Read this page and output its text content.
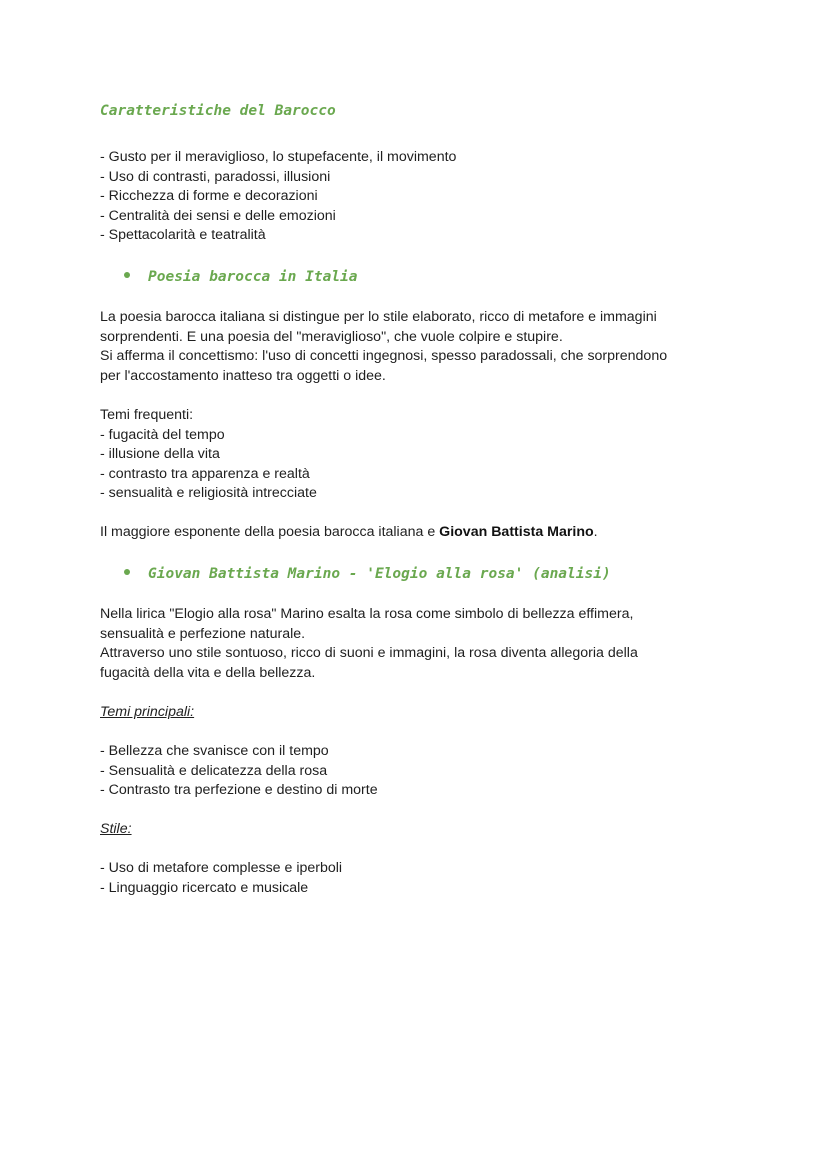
Caratteristiche del Barocco
- Gusto per il meraviglioso, lo stupefacente, il movimento
- Uso di contrasti, paradossi, illusioni
- Ricchezza di forme e decorazioni
- Centralità dei sensi e delle emozioni
- Spettacolarità e teatralità
Poesia barocca in Italia
La poesia barocca italiana si distingue per lo stile elaborato, ricco di metafore e immagini
sorprendenti. E una poesia del "meraviglioso", che vuole colpire e stupire.
Si afferma il concettismo: l'uso di concetti ingegnosi, spesso paradossali, che sorprendono
per l'accostamento inatteso tra oggetti o idee.
Temi frequenti:
- fugacità del tempo
- illusione della vita
- contrasto tra apparenza e realtà
- sensualità e religiosità intrecciate
Il maggiore esponente della poesia barocca italiana e Giovan Battista Marino.
Giovan Battista Marino - 'Elogio alla rosa' (analisi)
Nella lirica "Elogio alla rosa" Marino esalta la rosa come simbolo di bellezza effimera,
sensualità e perfezione naturale.
Attraverso uno stile sontuoso, ricco di suoni e immagini, la rosa diventa allegoria della
fugacità della vita e della bellezza.
Temi principali:
- Bellezza che svanisce con il tempo
- Sensualità e delicatezza della rosa
- Contrasto tra perfezione e destino di morte
Stile:
- Uso di metafore complesse e iperboli
- Linguaggio ricercato e musicale
